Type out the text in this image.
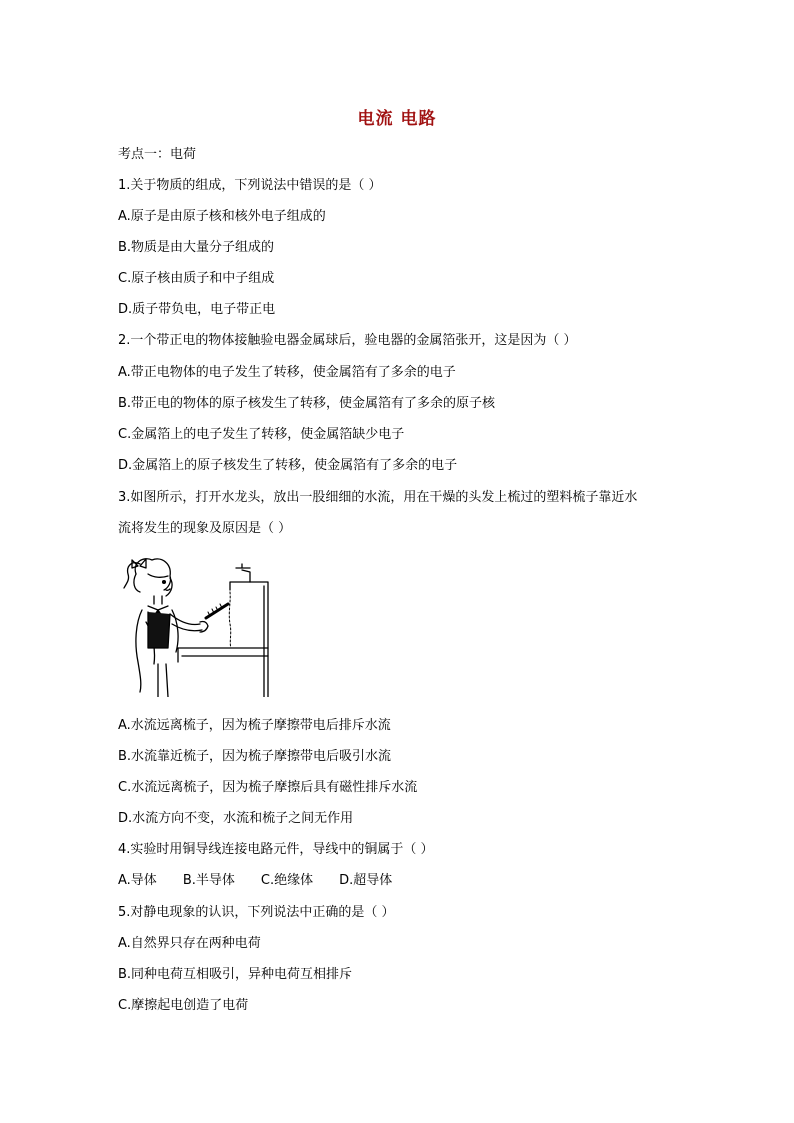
电流 电路
考点一：电荷
1.关于物质的组成，下列说法中错误的是（ ）
A.原子是由原子核和核外电子组成的
B.物质是由大量分子组成的
C.原子核由质子和中子组成
D.质子带负电，电子带正电
2.一个带正电的物体接触验电器金属球后，验电器的金属箔张开，这是因为（ ）
A.带正电物体的电子发生了转移，使金属箔有了多余的电子
B.带正电的物体的原子核发生了转移，使金属箔有了多余的原子核
C.金属箔上的电子发生了转移，使金属箔缺少电子
D.金属箔上的原子核发生了转移，使金属箔有了多余的电子
3.如图所示，打开水龙头，放出一股细细的水流，用在干燥的头发上梳过的塑料梳子靠近水
流将发生的现象及原因是（ ）
A.水流远离梳子，因为梳子摩擦带电后排斥水流
B.水流靠近梳子，因为梳子摩擦带电后吸引水流
C.水流远离梳子，因为梳子摩擦后具有磁性排斥水流
D.水流方向不变，水流和梳子之间无作用
4.实验时用铜导线连接电路元件，导线中的铜属于（ ）
A.导体 B.半导体 C.绝缘体 D.超导体
5.对静电现象的认识，下列说法中正确的是（ ）
A.自然界只存在两种电荷
B.同种电荷互相吸引，异种电荷互相排斥
C.摩擦起电创造了电荷
